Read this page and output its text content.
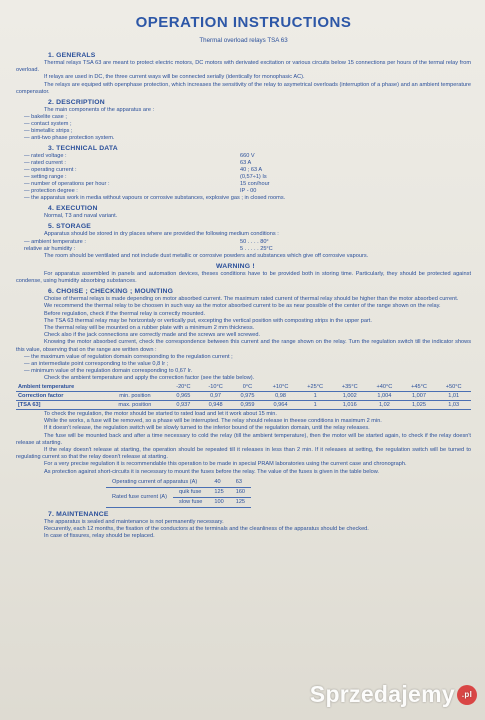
OPERATION INSTRUCTIONS
Thermal overload relays TSA 63
1. GENERALS

Thermal relays TSA 63 are meant to protect electric motors, DC motors with derivated excitation or various circuits below 15 connections per hours of the termal relay from overload.

If relays are used in DC, the three current ways will be connected serially (identically for monophasic AC).

The relays are equiped with openphase protection, which increases the sensitivity of the relay to asymetrical overloads (interruption of a phase) and an ambient temperature compensator.

2. DESCRIPTION

The main components of the apparatus are :

— bakelite case ;
— contact system ;
— bimetallic strips ;
— anti-two phase protection system.
3. TECHNICAL DATA
— rated voltage :	660 V
— rated current :	63 A
— operating current :	40 ; 63 A
— setting range :	(0,57÷1) Is
— number of operations per hour :	15 con/hour
— protection degree :	IP - 00
— the apparatus work in media without vapours or corrosive substances, explosive gas ; in closed rooms.
4. EXECUTION

Normal, T3 and naval variant.

5. STORAGE

Apparatus should be stored in dry places where are provided the following medium conditions :

— ambient temperature :	50 . . . . 80°
relative air humidity :	5 . . . . . 25°C

The room should be ventilated and not include dust metallic or corrosive powders and substances which give off corrosive vapours.

WARNING !

For apparatus assembled in panels and automation devices, theses conditions have to be provided both in storing time. Particularly, they should be protected against condense, using humidity absorbing substances.

6. CHOISE ; CHECKING ; MOUNTING

Choise of thermal relays is made depending on motor absorbed current. The maximum rated current of thermal relay should be higher than the motor absorbed current.

We recommend the thermal relay to be choosen in such way as the motor absorbed current to be as near possible of the center of the range shown on the relay.

Before regulation, check if the thermal relay is correctly mounted.

The TSA 63 thermal relay may be horizontaly or vertically put, excepting the vertical position with composting strips in the upper part.

The thermal relay will be mounted on a rubber plate with a minimum 2 mm thickness.

Check also if the jack connections are correctly made and the screws are well screwed.

Knowing the motor absorbed current, check the correspondence between this current and the range shown on the relay. Turn the regulation switch till the indicator shows this value, observing that on the range are written down :

— the maximum value of regulation domain corresponding to the regulation current ;
— an intermediate point corresponding to the value 0,8 Ir ;
— minimum value of the regulation domain corresponding to 0,67 Ir.

Check the ambient temperature and apply the correction factor (see the table below).

Ambient temperature		-20°C	-10°C	0°C	+10°C	+25°C	+35°C	+40°C	+45°C	+50°C
Correction factor	min. position	0,965	0,97	0,975	0,98	1	1,002	1,004	1,007	1,01
[TSA 63]	max. position	0,937	0,948	0,959	0,964	1	1,016	1,02	1,025	1,03

To check the regulation, the motor should be started to rated load and let it work about 15 min.

While the works, a fuse will be removed, so a phase will be interrupted. The relay should release in theese conditions in maximum 2 min.

If it doesn't release, the regulation switch will be slowly turned to the inferior bound of the regulation domain, until the relay releases.

The fuse will be mounted back and after a time necessary to cold the relay (till the ambient temperature), then the motor will be started again, to check if the relay doesn't release at starting.

If the relay doesn't release at starting, the operation should be repeated till it releases in less than 2 min. If it releases at setting, the regulation switch will be turned to regulating current so that the relay doesn't release at starting.

For a very precise regulation it is recommendable this operation to be made in special PRAM laboratories using the current case and chronograph.

As protection against short-circuits it is necessary to mount the fuses before the relay. The value of the fuses is given in the table below.

Operating current of apparatus (A)		40	63
Rated fuse current (A)	quik fuse	125	160
	slow fuse	100	125
7. MAINTENANCE

The apparatus is sealed and maintenance is not permanently necessary.

Recurently, each 12 months, the fixation of the conductors at the terminals and the cleanliness of the apparatus should be checked.

In case of fissures, relay should be replaced.

Sprzedajemy .pl
